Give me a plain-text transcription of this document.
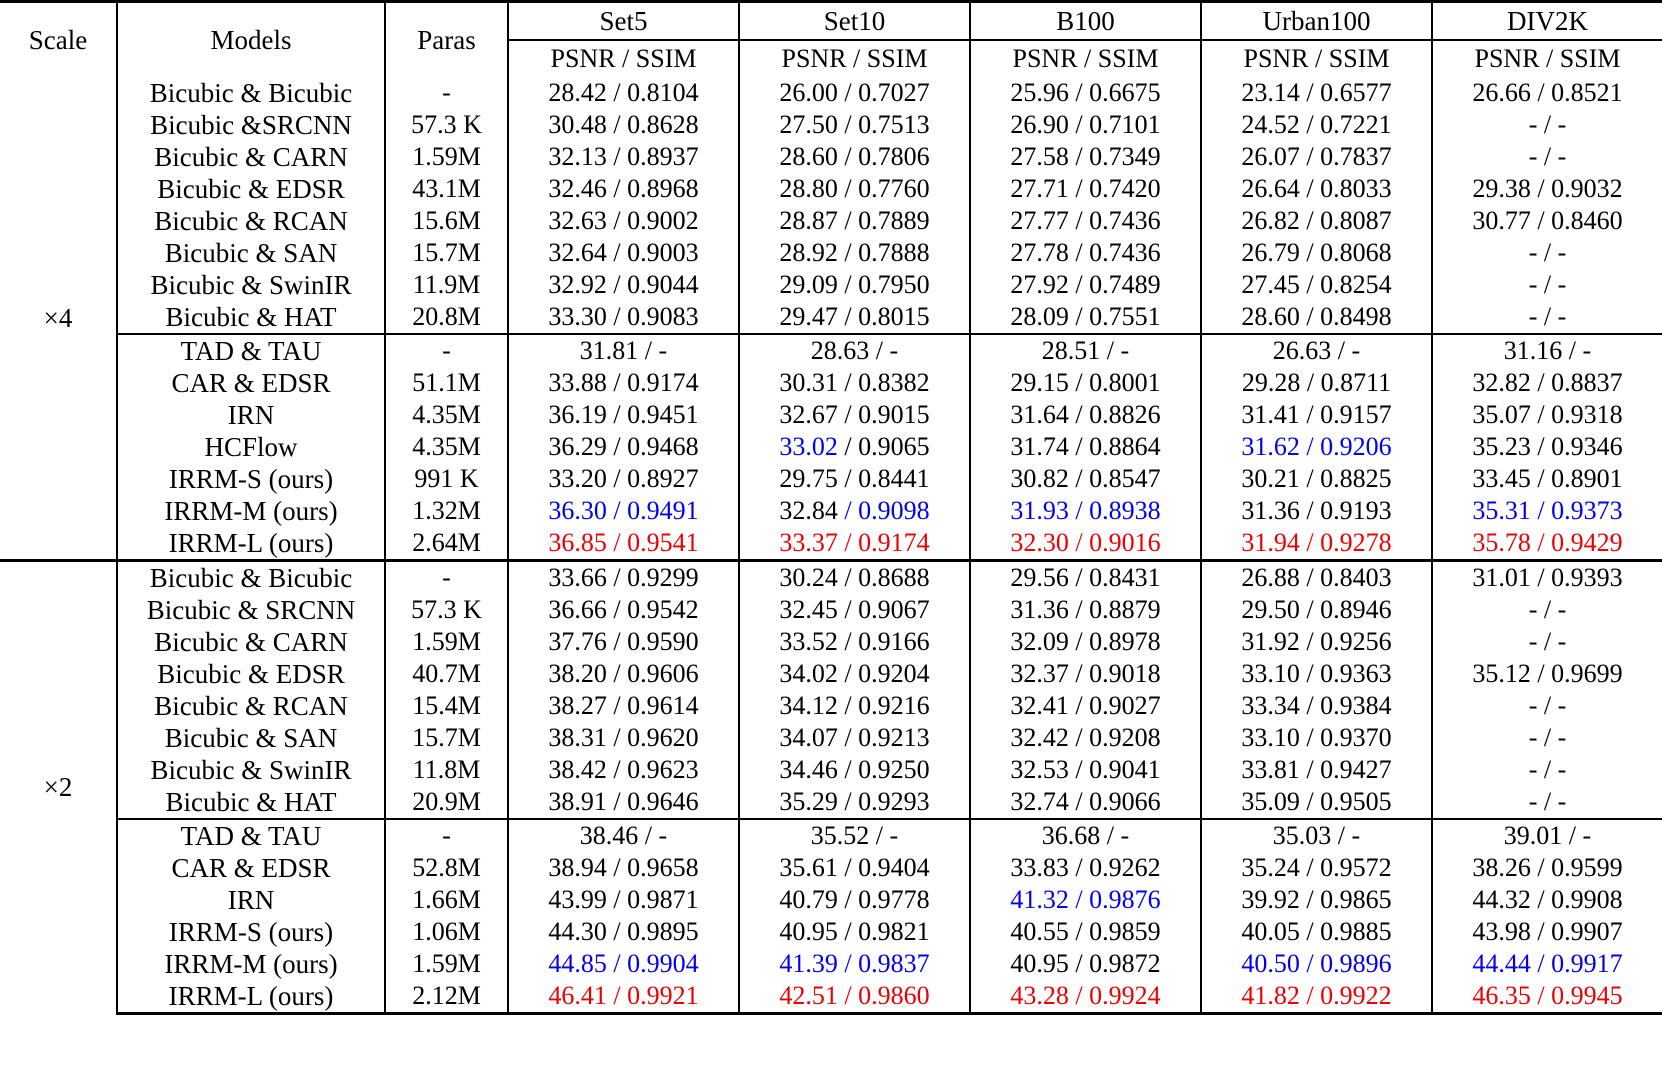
Scale	Models	Paras	Set5	Set10	B100	Urban100	DIV2K
			PSNR / SSIM	PSNR / SSIM	PSNR / SSIM	PSNR / SSIM	PSNR / SSIM
×4	Bicubic & Bicubic	-	28.42 / 0.8104	26.00 / 0.7027	25.96 / 0.6675	23.14 / 0.6577	26.66 / 0.8521
	Bicubic &SRCNN	57.3 K	30.48 / 0.8628	27.50 / 0.7513	26.90 / 0.7101	24.52 / 0.7221	- / -
	Bicubic & CARN	1.59M	32.13 / 0.8937	28.60 / 0.7806	27.58 / 0.7349	26.07 / 0.7837	- / -
	Bicubic & EDSR	43.1M	32.46 / 0.8968	28.80 / 0.7760	27.71 / 0.7420	26.64 / 0.8033	29.38 / 0.9032
	Bicubic & RCAN	15.6M	32.63 / 0.9002	28.87 / 0.7889	27.77 / 0.7436	26.82 / 0.8087	30.77 / 0.8460
	Bicubic & SAN	15.7M	32.64 / 0.9003	28.92 / 0.7888	27.78 / 0.7436	26.79 / 0.8068	- / -
	Bicubic & SwinIR	11.9M	32.92 / 0.9044	29.09 / 0.7950	27.92 / 0.7489	27.45 / 0.8254	- / -
	Bicubic & HAT	20.8M	33.30 / 0.9083	29.47 / 0.8015	28.09 / 0.7551	28.60 / 0.8498	- / -
	TAD & TAU	-	31.81 / -	28.63 / -	28.51 / -	26.63 / -	31.16 / -
	CAR & EDSR	51.1M	33.88 / 0.9174	30.31 / 0.8382	29.15 / 0.8001	29.28 / 0.8711	32.82 / 0.8837
	IRN	4.35M	36.19 / 0.9451	32.67 / 0.9015	31.64 / 0.8826	31.41 / 0.9157	35.07 / 0.9318
	HCFlow	4.35M	36.29 / 0.9468	33.02 / 0.9065	31.74 / 0.8864	31.62 / 0.9206	35.23 / 0.9346
	IRRM-S (ours)	991 K	33.20 / 0.8927	29.75 / 0.8441	30.82 / 0.8547	30.21 / 0.8825	33.45 / 0.8901
	IRRM-M (ours)	1.32M	36.30 / 0.9491	32.84 / 0.9098	31.93 / 0.8938	31.36 / 0.9193	35.31 / 0.9373
	IRRM-L (ours)	2.64M	36.85 / 0.9541	33.37 / 0.9174	32.30 / 0.9016	31.94 / 0.9278	35.78 / 0.9429
×2	Bicubic & Bicubic	-	33.66 / 0.9299	30.24 / 0.8688	29.56 / 0.8431	26.88 / 0.8403	31.01 / 0.9393
	Bicubic & SRCNN	57.3 K	36.66 / 0.9542	32.45 / 0.9067	31.36 / 0.8879	29.50 / 0.8946	- / -
	Bicubic & CARN	1.59M	37.76 / 0.9590	33.52 / 0.9166	32.09 / 0.8978	31.92 / 0.9256	- / -
	Bicubic & EDSR	40.7M	38.20 / 0.9606	34.02 / 0.9204	32.37 / 0.9018	33.10 / 0.9363	35.12 / 0.9699
	Bicubic & RCAN	15.4M	38.27 / 0.9614	34.12 / 0.9216	32.41 / 0.9027	33.34 / 0.9384	- / -
	Bicubic & SAN	15.7M	38.31 / 0.9620	34.07 / 0.9213	32.42 / 0.9208	33.10 / 0.9370	- / -
	Bicubic & SwinIR	11.8M	38.42 / 0.9623	34.46 / 0.9250	32.53 / 0.9041	33.81 / 0.9427	- / -
	Bicubic & HAT	20.9M	38.91 / 0.9646	35.29 / 0.9293	32.74 / 0.9066	35.09 / 0.9505	- / -
	TAD & TAU	-	38.46 / -	35.52 / -	36.68 / -	35.03 / -	39.01 / -
	CAR & EDSR	52.8M	38.94 / 0.9658	35.61 / 0.9404	33.83 / 0.9262	35.24 / 0.9572	38.26 / 0.9599
	IRN	1.66M	43.99 / 0.9871	40.79 / 0.9778	41.32 / 0.9876	39.92 / 0.9865	44.32 / 0.9908
	IRRM-S (ours)	1.06M	44.30 / 0.9895	40.95 / 0.9821	40.55 / 0.9859	40.05 / 0.9885	43.98 / 0.9907
	IRRM-M (ours)	1.59M	44.85 / 0.9904	41.39 / 0.9837	40.95 / 0.9872	40.50 / 0.9896	44.44 / 0.9917
	IRRM-L (ours)	2.12M	46.41 / 0.9921	42.51 / 0.9860	43.28 / 0.9924	41.82 / 0.9922	46.35 / 0.9945
